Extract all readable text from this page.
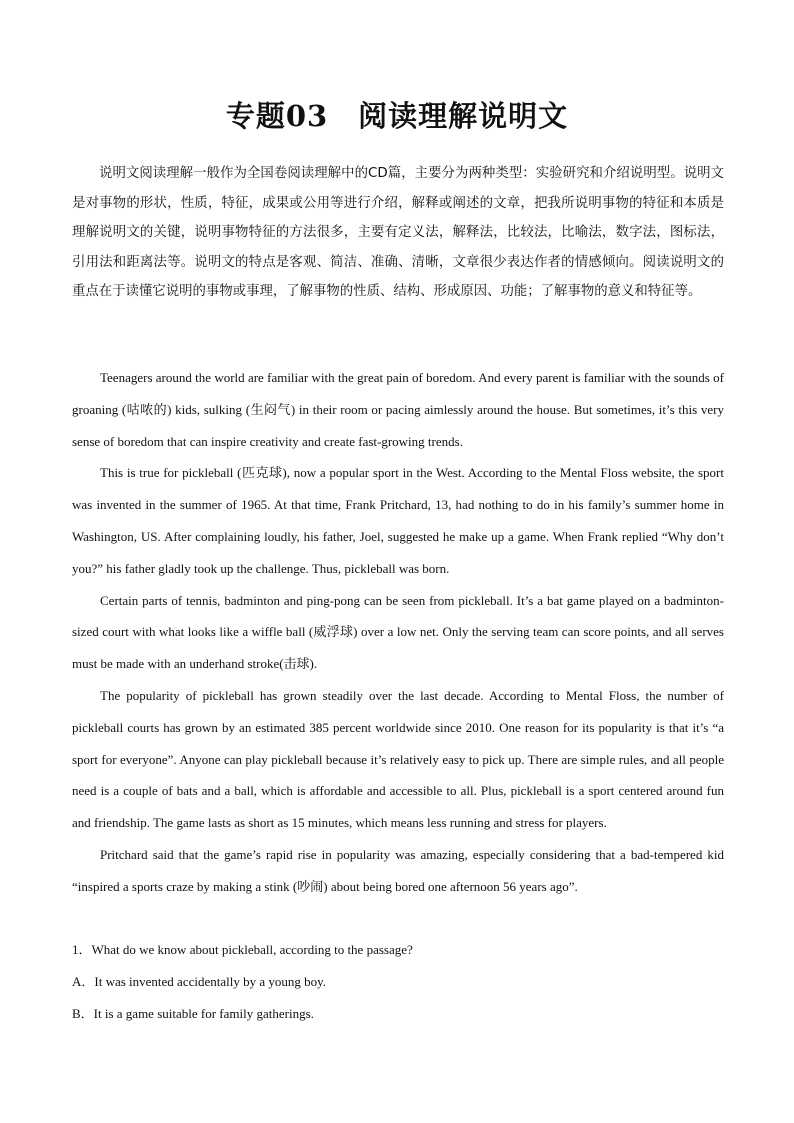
专题03　阅读理解说明文
说明文阅读理解一般作为全国卷阅读理解中的CD篇，主要分为两种类型：实验研究和介绍说明型。说明文是对事物的形状，性质，特征，成果或公用等进行介绍，解释或阐述的文章，把我所说明事物的特征和本质是理解说明文的关键，说明事物特征的方法很多，主要有定义法，解释法，比较法，比喻法，数字法，图标法，引用法和距离法等。说明文的特点是客观、简洁、准确、清晰，文章很少表达作者的情感倾向。阅读说明文的重点在于读懂它说明的事物或事理，了解事物的性质、结构、形成原因、功能；了解事物的意义和特征等。

Teenagers around the world are familiar with the great pain of boredom. And every parent is familiar with the sounds of groaning (咕哝的) kids, sulking (生闷气) in their room or pacing aimlessly around the house. But sometimes, it’s this very sense of boredom that can inspire creativity and create fast-growing trends.

This is true for pickleball (匹克球), now a popular sport in the West. According to the Mental Floss website, the sport was invented in the summer of 1965. At that time, Frank Pritchard, 13, had nothing to do in his family’s summer home in Washington, US. After complaining loudly, his father, Joel, suggested he make up a game. When Frank replied “Why don’t you?” his father gladly took up the challenge. Thus, pickleball was born.

Certain parts of tennis, badminton and ping-pong can be seen from pickleball. It’s a bat game played on a badminton-sized court with what looks like a wiffle ball (威浮球) over a low net. Only the serving team can score points, and all serves must be made with an underhand stroke(击球).

The popularity of pickleball has grown steadily over the last decade. According to Mental Floss, the number of pickleball courts has grown by an estimated 385 percent worldwide since 2010. One reason for its popularity is that it’s “a sport for everyone”. Anyone can play pickleball because it’s relatively easy to pick up. There are simple rules, and all people need is a couple of bats and a ball, which is affordable and accessible to all. Plus, pickleball is a sport centered around fun and friendship. The game lasts as short as 15 minutes, which means less running and stress for players.

Pritchard said that the game’s rapid rise in popularity was amazing, especially considering that a bad-tempered kid “inspired a sports craze by making a stink (吵闹) about being bored one afternoon 56 years ago”.

1．What do we know about pickleball, according to the passage?
A．It was invented accidentally by a young boy.
B．It is a game suitable for family gatherings.
